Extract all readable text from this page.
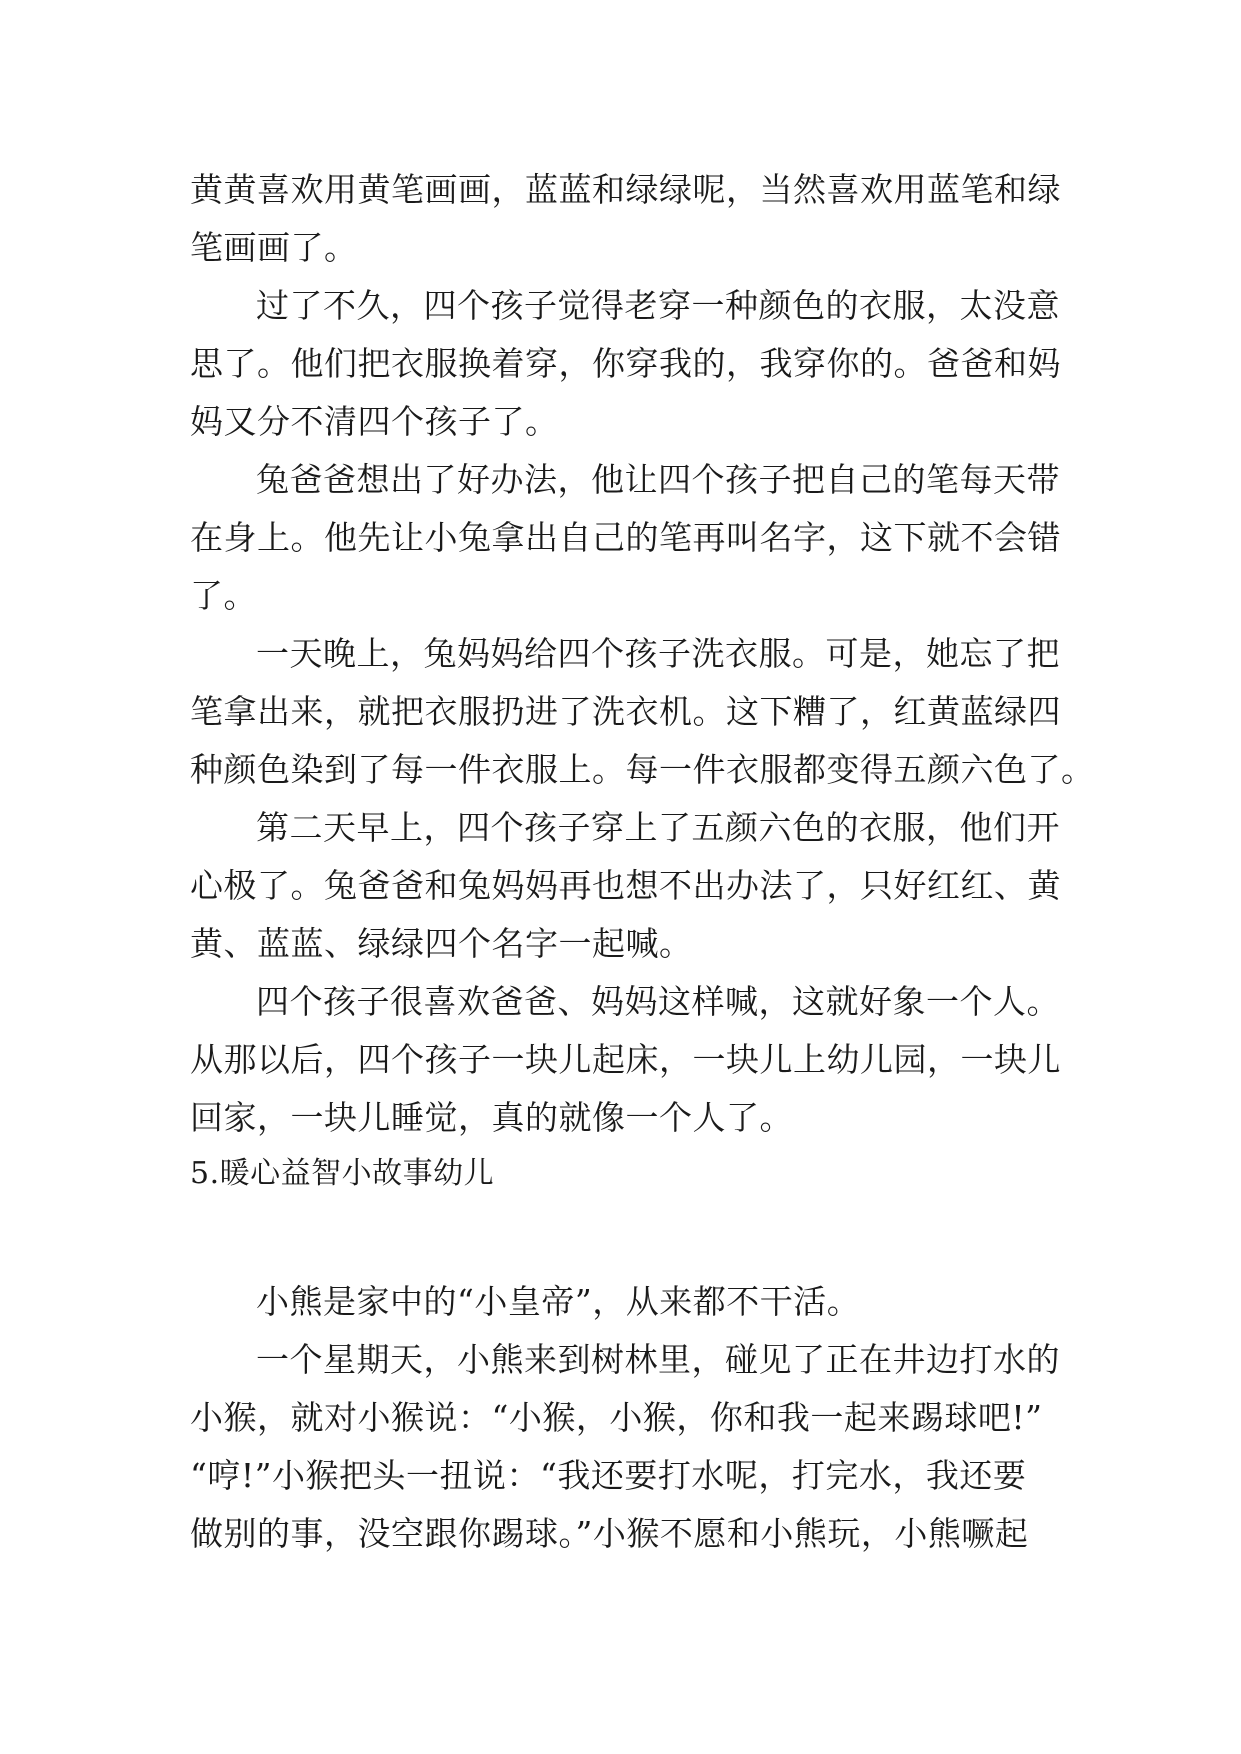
黄黄喜欢用黄笔画画，蓝蓝和绿绿呢，当然喜欢用蓝笔和绿
笔画画了。
过了不久，四个孩子觉得老穿一种颜色的衣服，太没意
思了。他们把衣服换着穿，你穿我的，我穿你的。爸爸和妈
妈又分不清四个孩子了。
兔爸爸想出了好办法，他让四个孩子把自己的笔每天带
在身上。他先让小兔拿出自己的笔再叫名字，这下就不会错
了。
一天晚上，兔妈妈给四个孩子洗衣服。可是，她忘了把
笔拿出来，就把衣服扔进了洗衣机。这下糟了，红黄蓝绿四
种颜色染到了每一件衣服上。每一件衣服都变得五颜六色了。
第二天早上，四个孩子穿上了五颜六色的衣服，他们开
心极了。兔爸爸和兔妈妈再也想不出办法了，只好红红、黄
黄、蓝蓝、绿绿四个名字一起喊。
四个孩子很喜欢爸爸、妈妈这样喊，这就好象一个人。
从那以后，四个孩子一块儿起床，一块儿上幼儿园，一块儿
回家，一块儿睡觉，真的就像一个人了。
5.暖心益智小故事幼儿
小熊是家中的“小皇帝”，从来都不干活。
一个星期天，小熊来到树林里，碰见了正在井边打水的
小猴，就对小猴说：“小猴，小猴，你和我一起来踢球吧!”
“哼!”小猴把头一扭说：“我还要打水呢，打完水，我还要
做别的事，没空跟你踢球。”小猴不愿和小熊玩，小熊噘起
